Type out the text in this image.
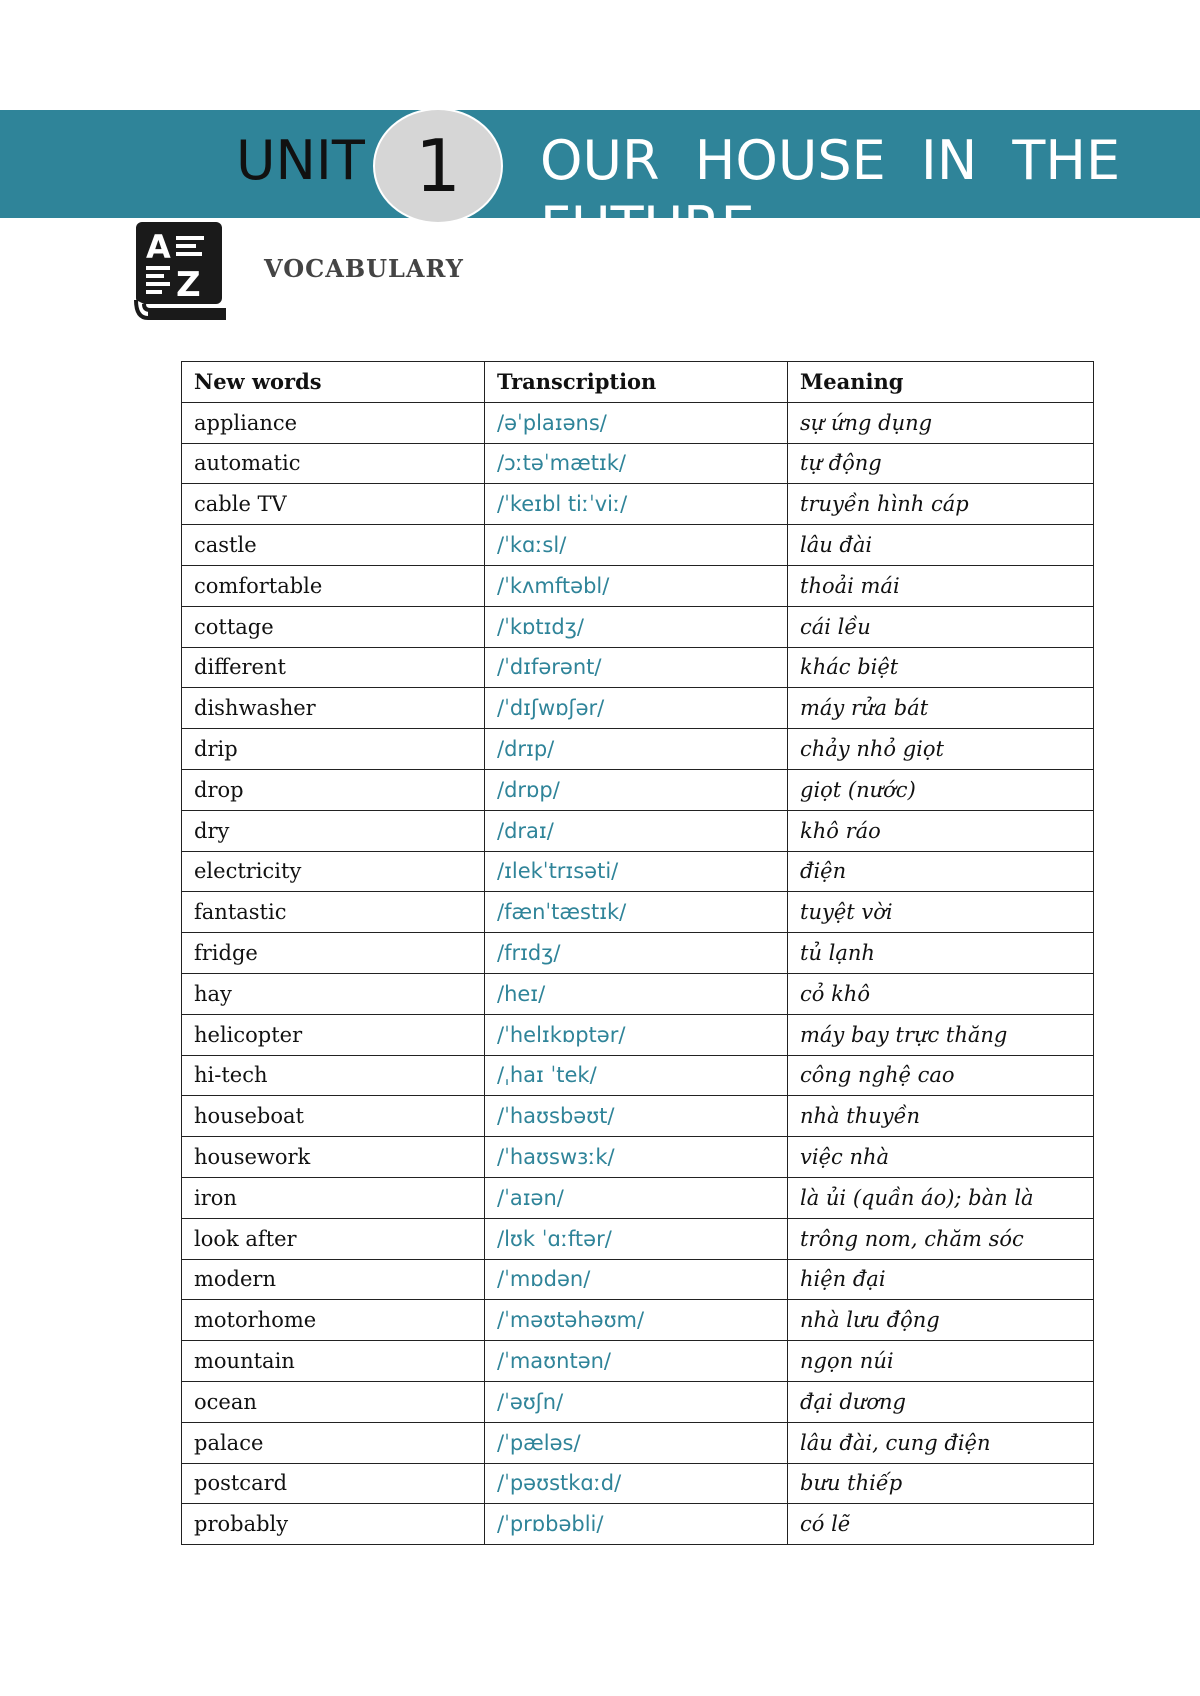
UNIT	OUR HOUSE IN THE FUTURE
1
A
Z	VOCABULARY
New words	Transcription	Meaning
appliance	/əˈplaɪəns/	sự ứng dụng
automatic	/ɔːtəˈmætɪk/	tự động
cable TV	/ˈkeɪbl tiːˈviː/	truyền hình cáp
castle	/ˈkɑːsl/	lâu đài
comfortable	/ˈkʌmftəbl/	thoải mái
cottage	/ˈkɒtɪdʒ/	cái lều
different	/ˈdɪfərənt/	khác biệt
dishwasher	/ˈdɪʃwɒʃər/	máy rửa bát
drip	/drɪp/	chảy nhỏ giọt
drop	/drɒp/	giọt (nước)
dry	/draɪ/	khô ráo
electricity	/ɪlekˈtrɪsəti/	điện
fantastic	/fænˈtæstɪk/	tuyệt vời
fridge	/frɪdʒ/	tủ lạnh
hay	/heɪ/	cỏ khô
helicopter	/ˈhelɪkɒptər/	máy bay trực thăng
hi-tech	/ˌhaɪ ˈtek/	công nghệ cao
houseboat	/ˈhaʊsbəʊt/	nhà thuyền
housework	/ˈhaʊswɜːk/	việc nhà
iron	/ˈaɪən/	là ủi (quần áo); bàn là
look after	/lʊk ˈɑːftər/	trông nom, chăm sóc
modern	/ˈmɒdən/	hiện đại
motorhome	/ˈməʊtəhəʊm/	nhà lưu động
mountain	/ˈmaʊntən/	ngọn núi
ocean	/ˈəʊʃn/	đại dương
palace	/ˈpæləs/	lâu đài, cung điện
postcard	/ˈpəʊstkɑːd/	bưu thiếp
probably	/ˈprɒbəbli/	có lẽ
